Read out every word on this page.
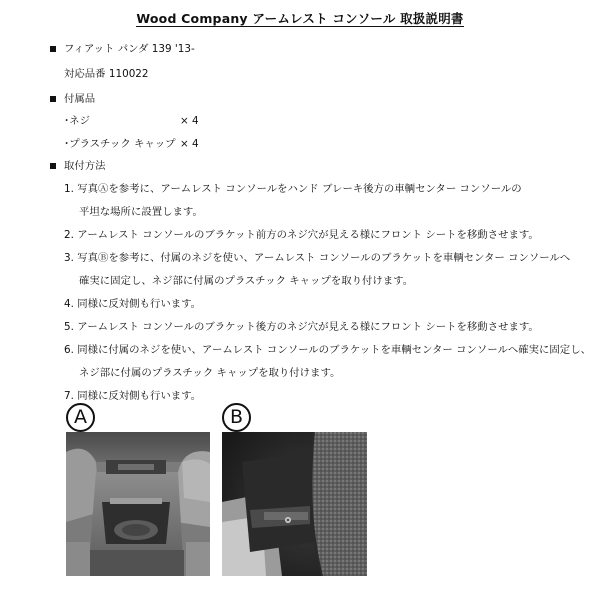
Wood Company アームレスト コンソール 取扱説明書
フィアット パンダ 139 '13-
対応品番 110022
付属品
･ネジ	× 4
･プラスチック キャップ × 4
取付方法
1. 写真Ⓐを参考に、アームレスト コンソールをハンド ブレーキ後方の車輌センター コンソールの
平坦な場所に設置します。
2. アームレスト コンソールのブラケット前方のネジ穴が見える様にフロント シートを移動させます。
3. 写真Ⓑを参考に、付属のネジを使い、アームレスト コンソールのブラケットを車輌センター コンソールへ
確実に固定し、ネジ部に付属のプラスチック キャップを取り付けます。
4. 同様に反対側も行います。
5. アームレスト コンソールのブラケット後方のネジ穴が見える様にフロント シートを移動させます。
6. 同様に付属のネジを使い、アームレスト コンソールのブラケットを車輌センター コンソールへ確実に固定し、
ネジ部に付属のプラスチック キャップを取り付けます。
7. 同様に反対側も行います。
A	B
